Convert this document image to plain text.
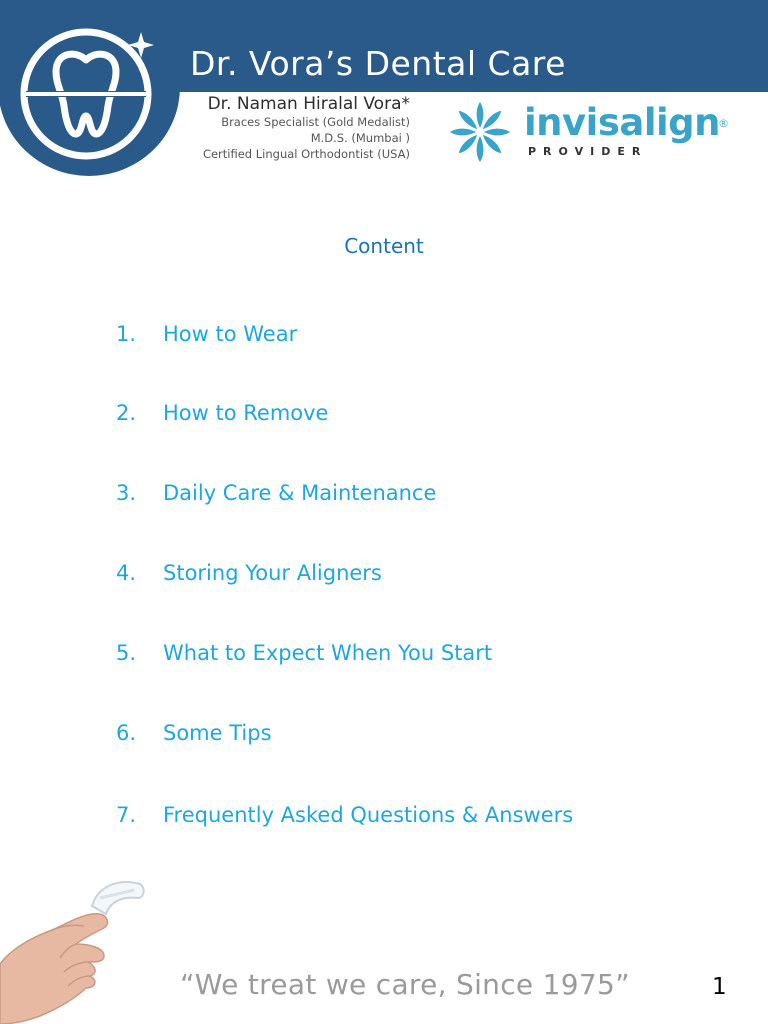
Dr. Vora’s Dental Care
Dr. Naman Hiralal Vora*
Braces Specialist (Gold Medalist)
M.D.S. (Mumbai )
Certified Lingual Orthodontist (USA)
invisalign
®
PROVIDER
Content
1. How to Wear
2. How to Remove
3. Daily Care & Maintenance
4. Storing Your Aligners
5. What to Expect When You Start
6. Some Tips
7. Frequently Asked Questions & Answers
“We treat we care, Since 1975”	1
